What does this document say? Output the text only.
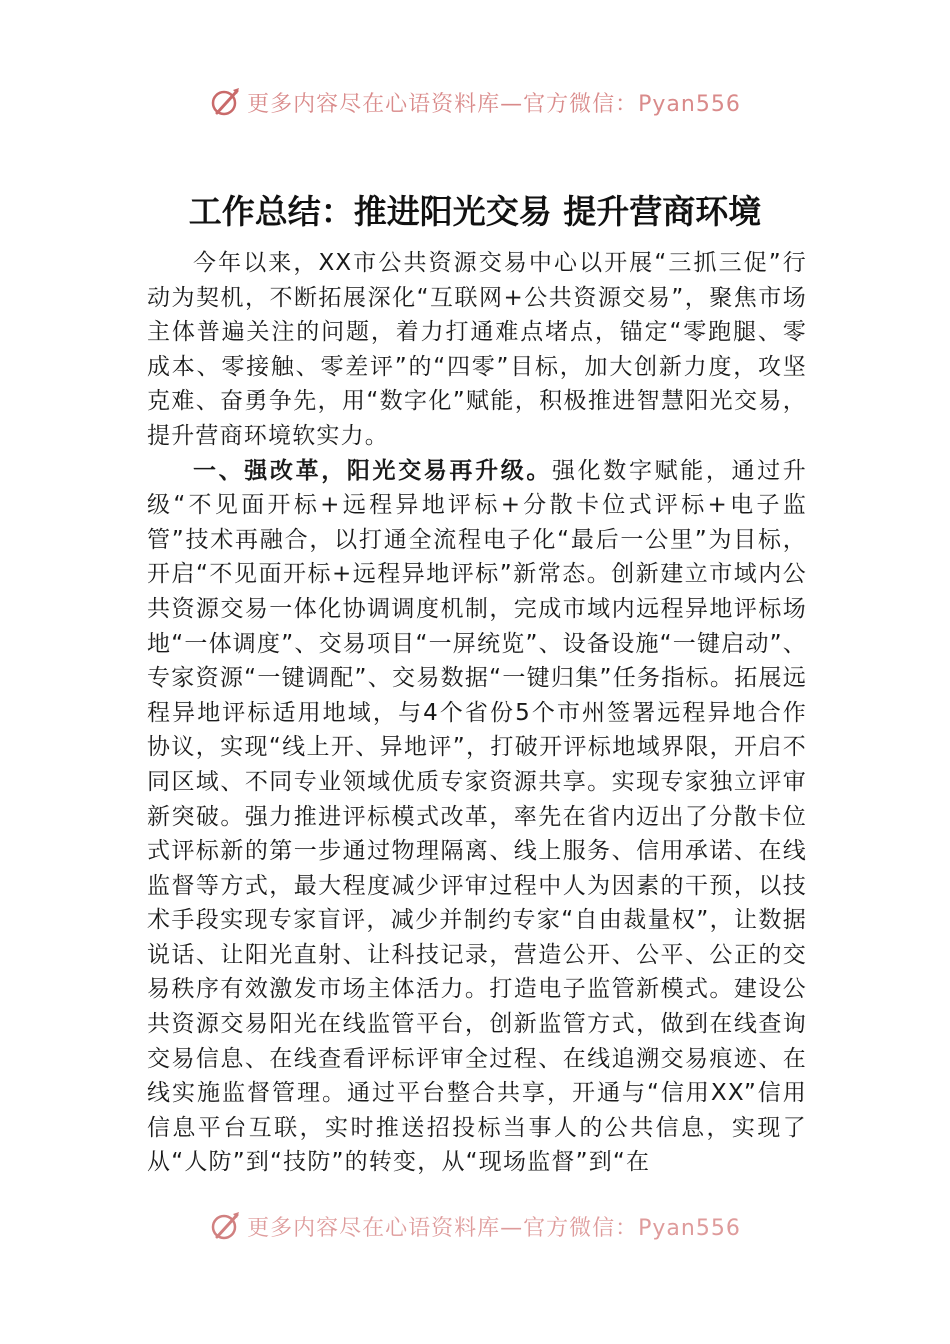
更多内容尽在心语资料库—官方微信：Pyan556
工作总结：推进阳光交易 提升营商环境

今年以来，XX市公共资源交易中心以开展“三抓三促”行动为契机，不断拓展深化“互联网+公共资源交易”，聚焦市场主体普遍关注的问题，着力打通难点堵点，锚定“零跑腿、零成本、零接触、零差评”的“四零”目标，加大创新力度，攻坚克难、奋勇争先，用“数字化”赋能，积极推进智慧阳光交易，提升营商环境软实力。

一、强改革，阳光交易再升级。强化数字赋能，通过升级“不见面开标+远程异地评标+分散卡位式评标+电子监管”技术再融合，以打通全流程电子化“最后一公里”为目标，开启“不见面开标+远程异地评标”新常态。创新建立市域内公共资源交易一体化协调调度机制，完成市域内远程异地评标场地“一体调度”、交易项目“一屏统览”、设备设施“一键启动”、专家资源“一键调配”、交易数据“一键归集”任务指标。拓展远程异地评标适用地域，与4个省份5个市州签署远程异地合作协议，实现“线上开、异地评”，打破开评标地域界限，开启不同区域、不同专业领域优质专家资源共享。实现专家独立评审新突破。强力推进评标模式改革，率先在省内迈出了分散卡位式评标新的第一步通过物理隔离、线上服务、信用承诺、在线监督等方式，最大程度减少评审过程中人为因素的干预，以技术手段实现专家盲评，减少并制约专家“自由裁量权”，让数据说话、让阳光直射、让科技记录，营造公开、公平、公正的交易秩序有效激发市场主体活力。打造电子监管新模式。建设公共资源交易阳光在线监管平台，创新监管方式，做到在线查询交易信息、在线查看评标评审全过程、在线追溯交易痕迹、在线实施监督管理。通过平台整合共享，开通与“信用XX”信用信息平台互联，实时推送招投标当事人的公共信息，实现了从“人防”到“技防”的转变，从“现场监督”到“在

更多内容尽在心语资料库—官方微信：Pyan556
